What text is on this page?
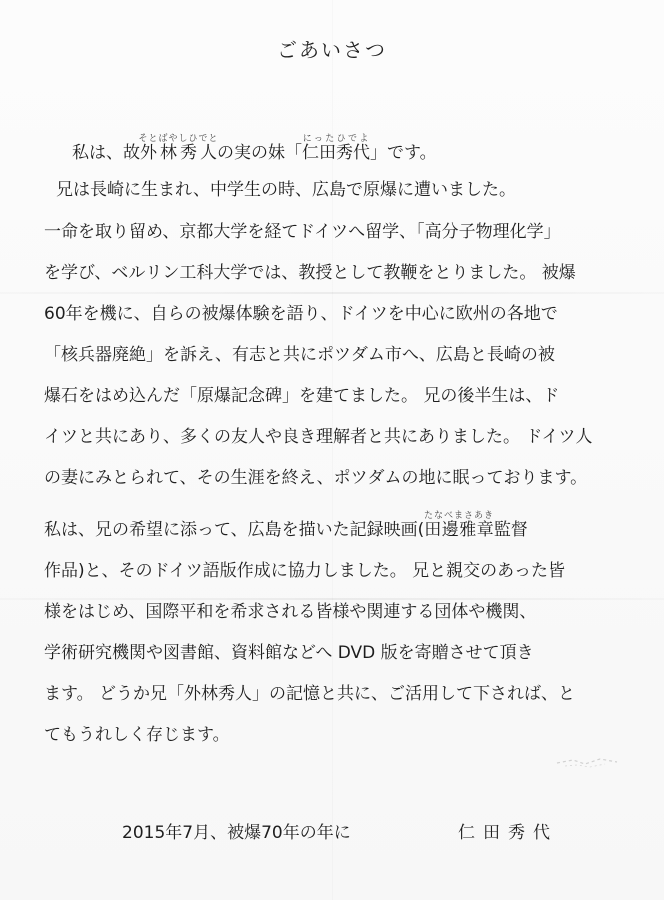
ごあいさつ
私は、故外林秀人そとばやしひでとの実の妹「仁田秀代にったひでよ」です。
兄は長崎に生まれ、中学生の時、広島で原爆に遭いました。
一命を取り留め、京都大学を経てドイツへ留学、「高分子物理化学」
を学び、ベルリン工科大学では、教授として教鞭をとりました。 被爆
60年を機に、自らの被爆体験を語り、ドイツを中心に欧州の各地で
「核兵器廃絶」を訴え、有志と共にポツダム市へ、広島と長崎の被
爆石をはめ込んだ「原爆記念碑」を建てました。 兄の後半生は、ド
イツと共にあり、多くの友人や良き理解者と共にありました。 ドイツ人
の妻にみとられて、その生涯を終え、ポツダムの地に眠っております。
私は、兄の希望に添って、広島を描いた記録映画(田邊雅章たなべまさあき監督
作品)と、そのドイツ語版作成に協力しました。 兄と親交のあった皆
様をはじめ、国際平和を希求される皆様や関連する団体や機関、
学術研究機関や図書館、資料館などへ DVD 版を寄贈させて頂き
ます。 どうか兄「外林秀人」の記憶と共に、ご活用して下されば、と
てもうれしく存じます。
2015年7月、被爆70年の年に	仁田秀代
